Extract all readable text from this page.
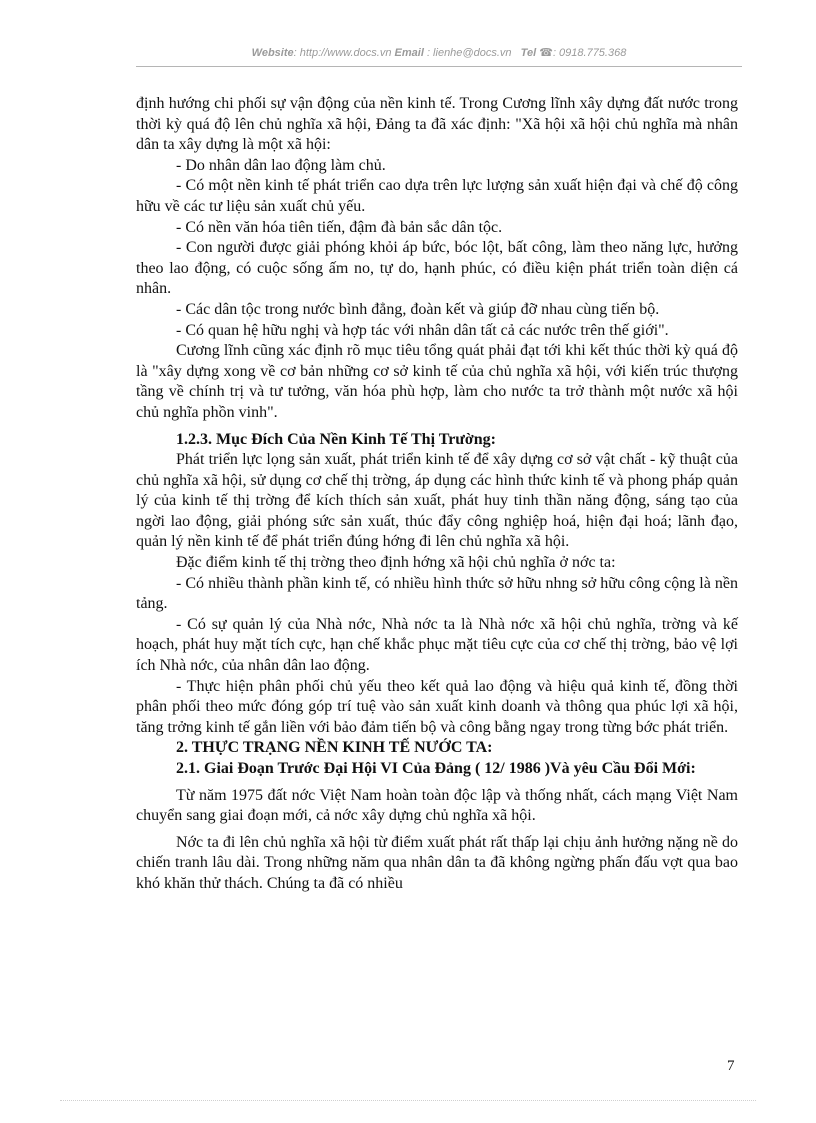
Website: http://www.docs.vn Email : lienhe@docs.vn Tel ☎: 0918.775.368

định hướng chi phối sự vận động của nền kinh tế. Trong Cương lĩnh xây dựng đất nước trong thời kỳ quá độ lên chủ nghĩa xã hội, Đảng ta đã xác định: "Xã hội xã hội chủ nghĩa mà nhân dân ta xây dựng là một xã hội:

- Do nhân dân lao động làm chủ.

- Có một nền kinh tế phát triển cao dựa trên lực lượng sản xuất hiện đại và chế độ công hữu về các tư liệu sản xuất chủ yếu.

- Có nền văn hóa tiên tiến, đậm đà bản sắc dân tộc.

- Con người được giải phóng khỏi áp bức, bóc lột, bất công, làm theo năng lực, hưởng theo lao động, có cuộc sống ấm no, tự do, hạnh phúc, có điều kiện phát triển toàn diện cá nhân.

- Các dân tộc trong nước bình đẳng, đoàn kết và giúp đỡ nhau cùng tiến bộ.

- Có quan hệ hữu nghị và hợp tác với nhân dân tất cả các nước trên thế giới".

Cương lĩnh cũng xác định rõ mục tiêu tổng quát phải đạt tới khi kết thúc thời kỳ quá độ là "xây dựng xong về cơ bản những cơ sở kinh tế của chủ nghĩa xã hội, với kiến trúc thượng tầng về chính trị và tư tưởng, văn hóa phù hợp, làm cho nước ta trở thành một nước xã hội chủ nghĩa phồn vinh".

1.2.3. Mục Đích Của Nền Kinh Tế Thị Trường:

Phát triển lực lọng sản xuất, phát triển kinh tế để xây dựng cơ sở vật chất - kỹ thuật của chủ nghĩa xã hội, sử dụng cơ chế thị trờng, áp dụng các hình thức kinh tế và phong pháp quản lý của kinh tế thị trờng để kích thích sản xuất, phát huy tinh thần năng động, sáng tạo của ngời lao động, giải phóng sức sản xuất, thúc đẩy công nghiệp hoá, hiện đại hoá; lãnh đạo, quản lý nền kinh tế để phát triển đúng hớng đi lên chủ nghĩa xã hội.

Đặc điểm kinh tế thị trờng theo định hớng xã hội chủ nghĩa ở nớc ta:

- Có nhiều thành phần kinh tế, có nhiều hình thức sở hữu nhng sở hữu công cộng là nền tảng.

- Có sự quản lý của Nhà nớc, Nhà nớc ta là Nhà nớc xã hội chủ nghĩa, trờng và kế hoạch, phát huy mặt tích cực, hạn chế khắc phục mặt tiêu cực của cơ chế thị trờng, bảo vệ lợi ích Nhà nớc, của nhân dân lao động.

- Thực hiện phân phối chủ yếu theo kết quả lao động và hiệu quả kinh tế, đồng thời phân phối theo mức đóng góp trí tuệ vào sản xuất kinh doanh và thông qua phúc lợi xã hội, tăng trởng kinh tế gắn liền với bảo đảm tiến bộ và công bằng ngay trong từng bớc phát triển.

2. THỰC TRẠNG NỀN KINH TẾ NƯỚC TA:

2.1. Giai Đoạn Trước Đại Hội VI Của Đảng ( 12/ 1986 )Và yêu Cầu Đổi Mới:

Từ năm 1975 đất nớc Việt Nam hoàn toàn độc lập và thống nhất, cách mạng Việt Nam chuyển sang giai đoạn mới, cả nớc xây dựng chủ nghĩa xã hội.

Nớc ta đi lên chủ nghĩa xã hội từ điểm xuất phát rất thấp lại chịu ảnh hưởng nặng nề do chiến tranh lâu dài. Trong những năm qua nhân dân ta đã không ngừng phấn đấu vợt qua bao khó khăn thử thách. Chúng ta đã có nhiều

7
